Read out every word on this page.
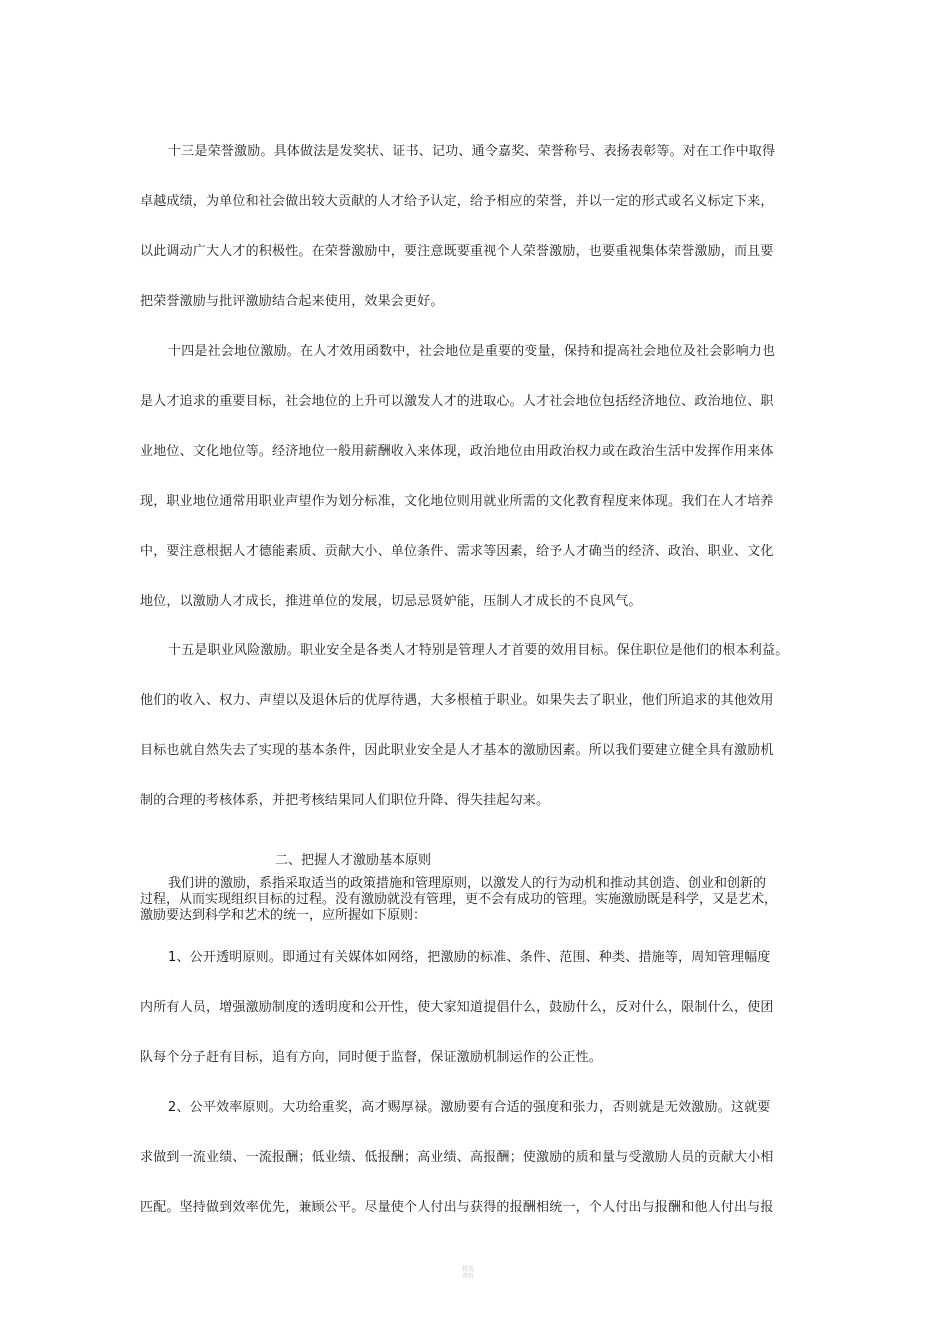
十三是荣誉激励。具体做法是发奖状、证书、记功、通令嘉奖、荣誉称号、表扬表彰等。对在工作中取得
卓越成绩，为单位和社会做出较大贡献的人才给予认定，给予相应的荣誉，并以一定的形式或名义标定下来，
以此调动广大人才的积极性。在荣誉激励中，要注意既要重视个人荣誉激励，也要重视集体荣誉激励，而且要
把荣誉激励与批评激励结合起来使用，效果会更好。
十四是社会地位激励。在人才效用函数中，社会地位是重要的变量，保持和提高社会地位及社会影响力也
是人才追求的重要目标，社会地位的上升可以激发人才的进取心。人才社会地位包括经济地位、政治地位、职
业地位、文化地位等。经济地位一般用薪酬收入来体现，政治地位由用政治权力或在政治生活中发挥作用来体
现，职业地位通常用职业声望作为划分标准，文化地位则用就业所需的文化教育程度来体现。我们在人才培养
中，要注意根据人才德能素质、贡献大小、单位条件、需求等因素，给予人才确当的经济、政治、职业、文化
地位，以激励人才成长，推进单位的发展，切忌忌贤妒能，压制人才成长的不良风气。
十五是职业风险激励。职业安全是各类人才特别是管理人才首要的效用目标。保住职位是他们的根本利益。
他们的收入、权力、声望以及退休后的优厚待遇，大多根植于职业。如果失去了职业，他们所追求的其他效用
目标也就自然失去了实现的基本条件，因此职业安全是人才基本的激励因素。所以我们要建立健全具有激励机
制的合理的考核体系，并把考核结果同人们职位升降、得失挂起勾来。
二、把握人才激励基本原则
我们讲的激励，系指采取适当的政策措施和管理原则，以激发人的行为动机和推动其创造、创业和创新的
过程，从而实现组织目标的过程。没有激励就没有管理，更不会有成功的管理。实施激励既是科学，又是艺术，
激励要达到科学和艺术的统一，应所握如下原则：
1、公开透明原则。即通过有关媒体如网络，把激励的标准、条件、范围、种类、措施等，周知管理幅度
内所有人员，增强激励制度的透明度和公开性，使大家知道提倡什么，鼓励什么，反对什么，限制什么，使团
队每个分子赶有目标，追有方向，同时便于监督，保证激励机制运作的公正性。
2、公平效率原则。大功给重奖，高才赐厚禄。激励要有合适的强度和张力，否则就是无效激励。这就要
求做到一流业绩、一流报酬；低业绩、低报酬；高业绩、高报酬；使激励的质和量与受激励人员的贡献大小相
匹配。坚持做到效率优先，兼顾公平。尽量使个人付出与获得的报酬相统一，个人付出与报酬和他人付出与报
精选
资料
